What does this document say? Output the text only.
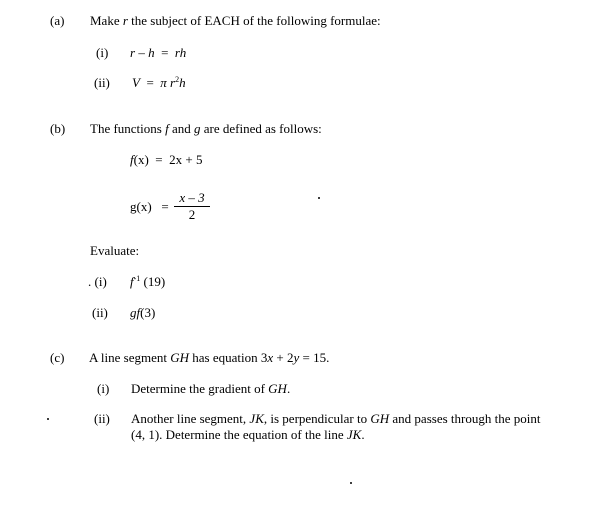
(a) Make r the subject of EACH of the following formulae:
(i) r – h = rh
(ii) V = π $r^2h$
(b) The functions f and g are defined as follows:
f(x) = 2x + 5
g(x) =
x – 3
2
Evaluate:
. (i) $f^{-1}$ (19)
(ii) gf(3)
(c) A line segment GH has equation 3x + 2y = 15.
(i) Determine the gradient of GH.
(ii) Another line segment, JK, is perpendicular to GH and passes through the point
(4, 1). Determine the equation of the line JK.
